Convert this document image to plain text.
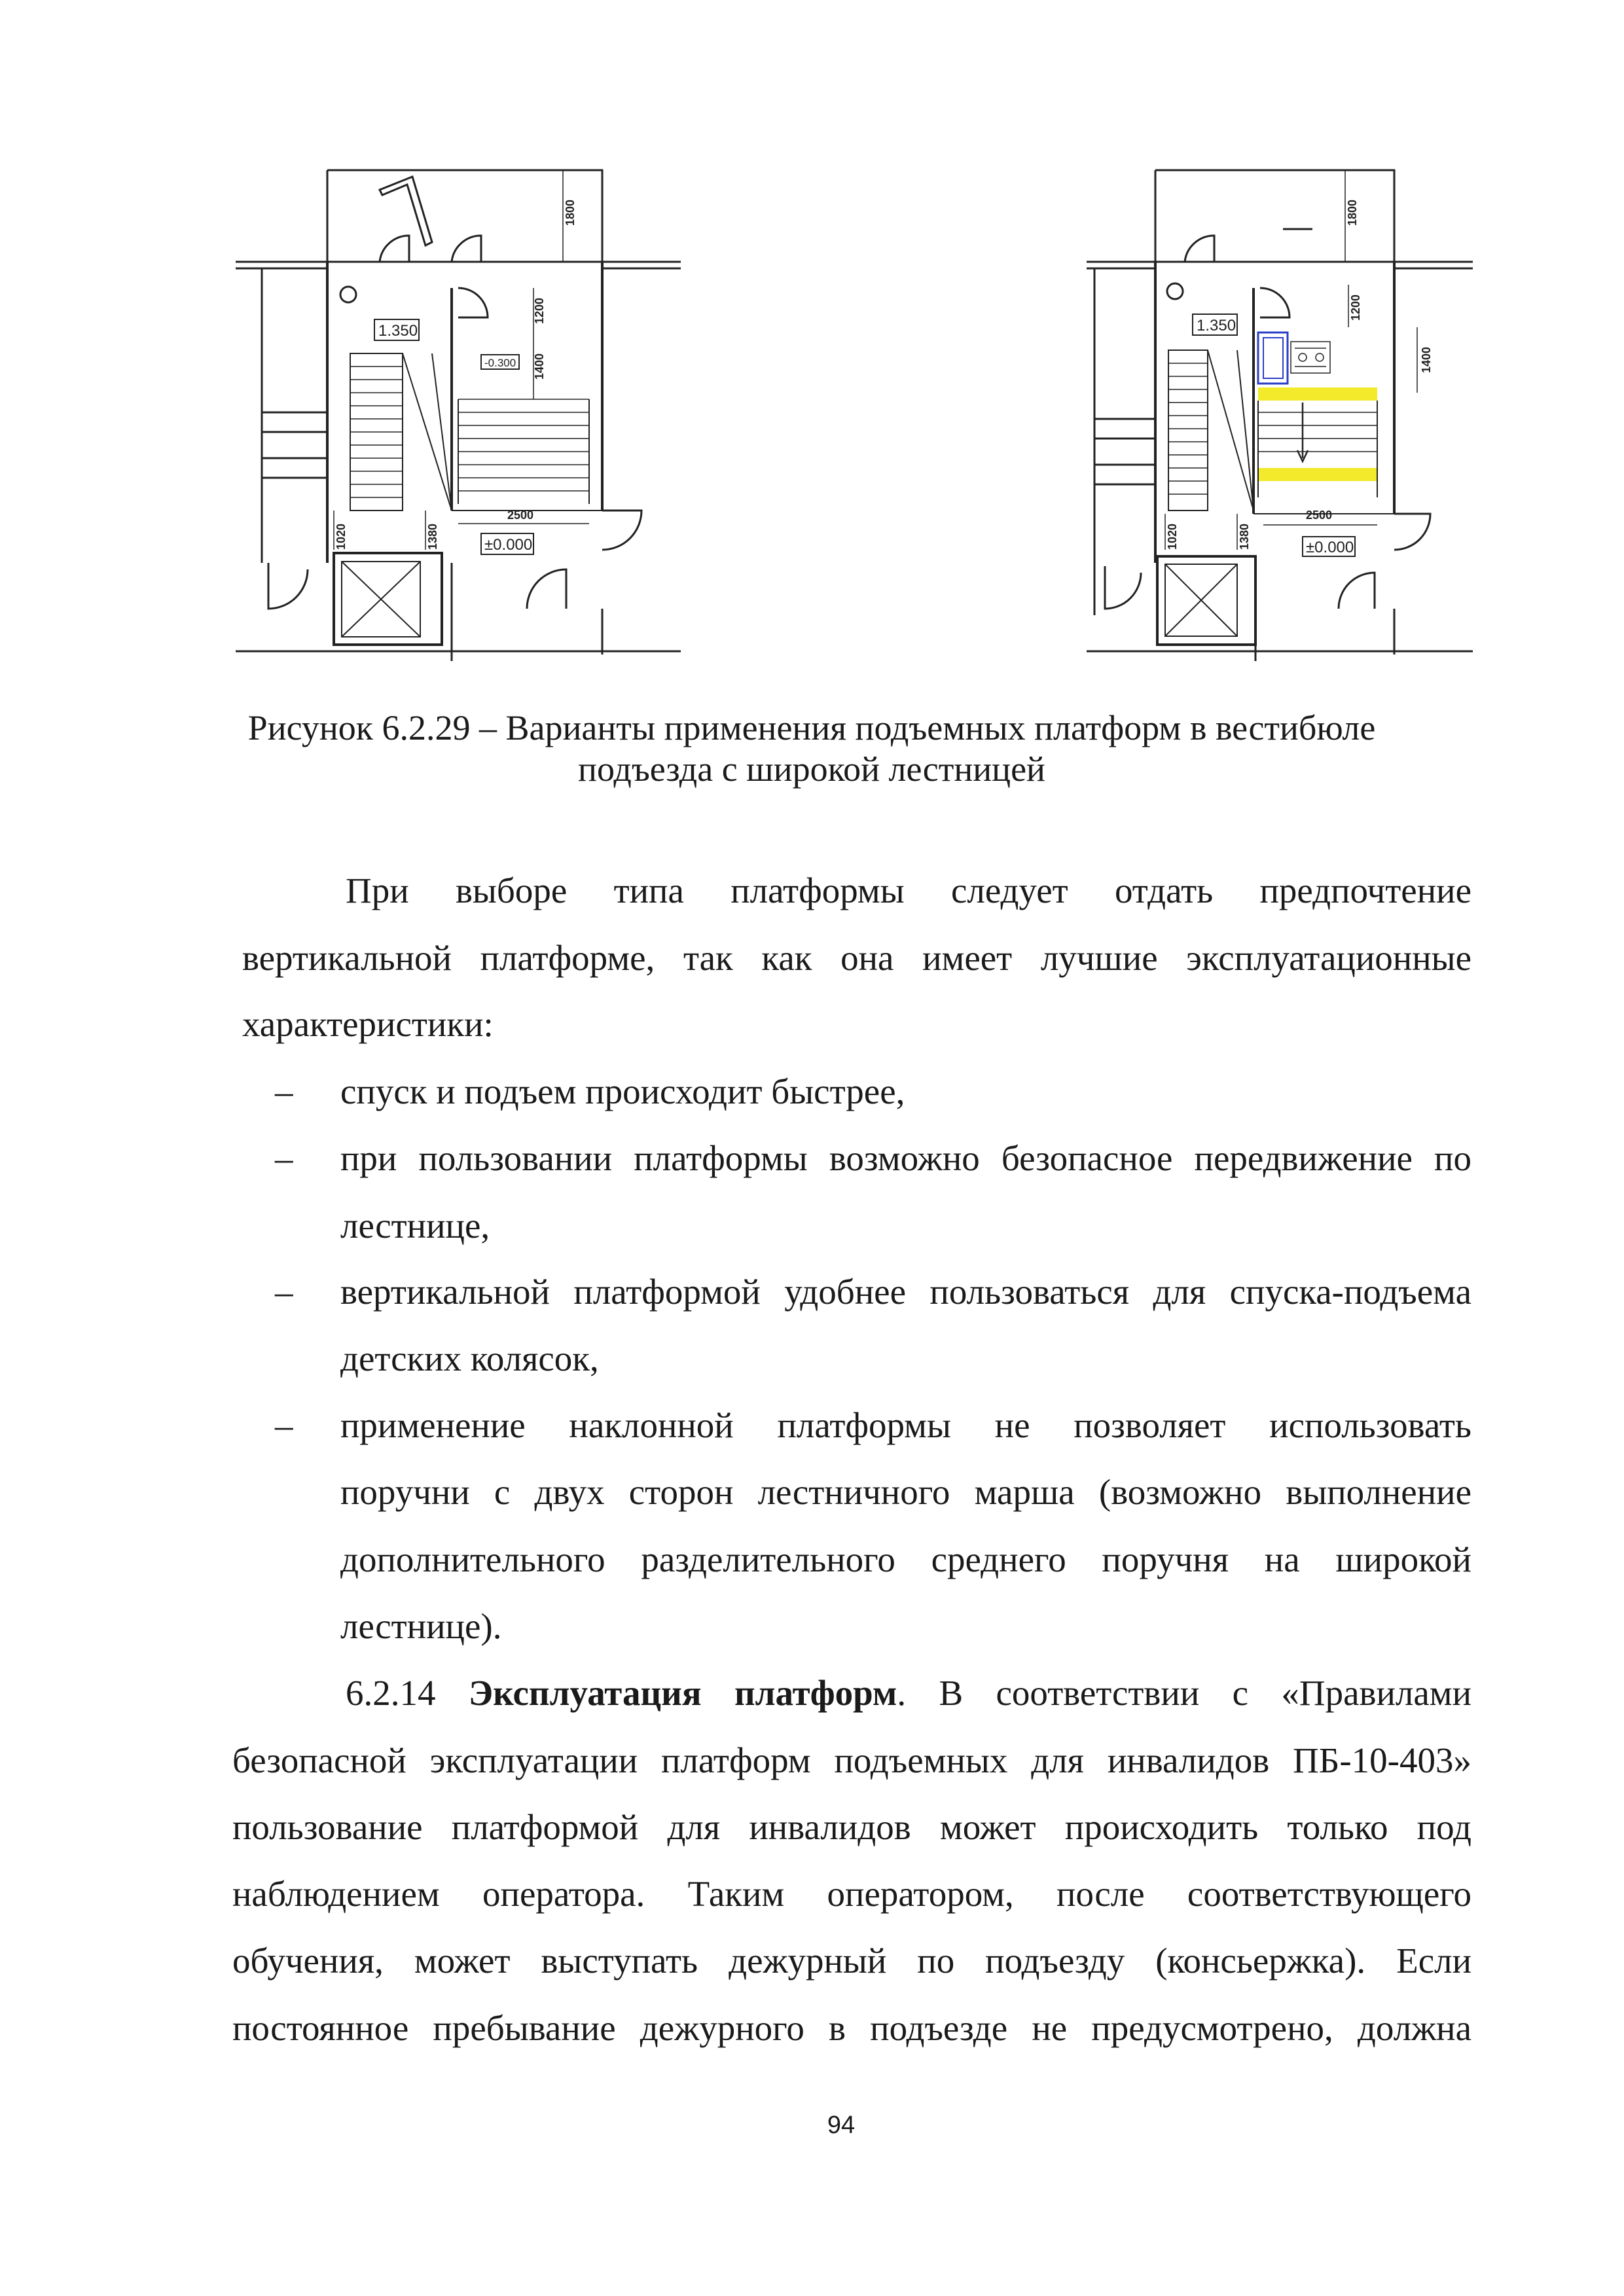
1800
1200
1400
2500
1380
1020
1.350
-0.300
±0.000
1800
1200
1400
2500
1380
1020
1.350
±0.000
Рисунок 6.2.29 – Варианты применения подъемных платформ в вестибюле
подъезда с широкой лестницей
При выборе типа платформы следует отдать предпочтение
вертикальной платформе, так как она имеет лучшие эксплуатационные
характеристики:
– спуск и подъем происходит быстрее,
– при пользовании платформы возможно безопасное передвижение по
лестнице,
– вертикальной платформой удобнее пользоваться для спуска-подъема
детских колясок,
– применение наклонной платформы не позволяет использовать
поручни с двух сторон лестничного марша (возможно выполнение
дополнительного разделительного среднего поручня на широкой
лестнице).
6.2.14 Эксплуатация платформ. В соответствии с «Правилами
безопасной эксплуатации платформ подъемных для инвалидов ПБ-10-403»
пользование платформой для инвалидов может происходить только под
наблюдением оператора. Таким оператором, после соответствующего
обучения, может выступать дежурный по подъезду (консьержка). Если
постоянное пребывание дежурного в подъезде не предусмотрено, должна
94
